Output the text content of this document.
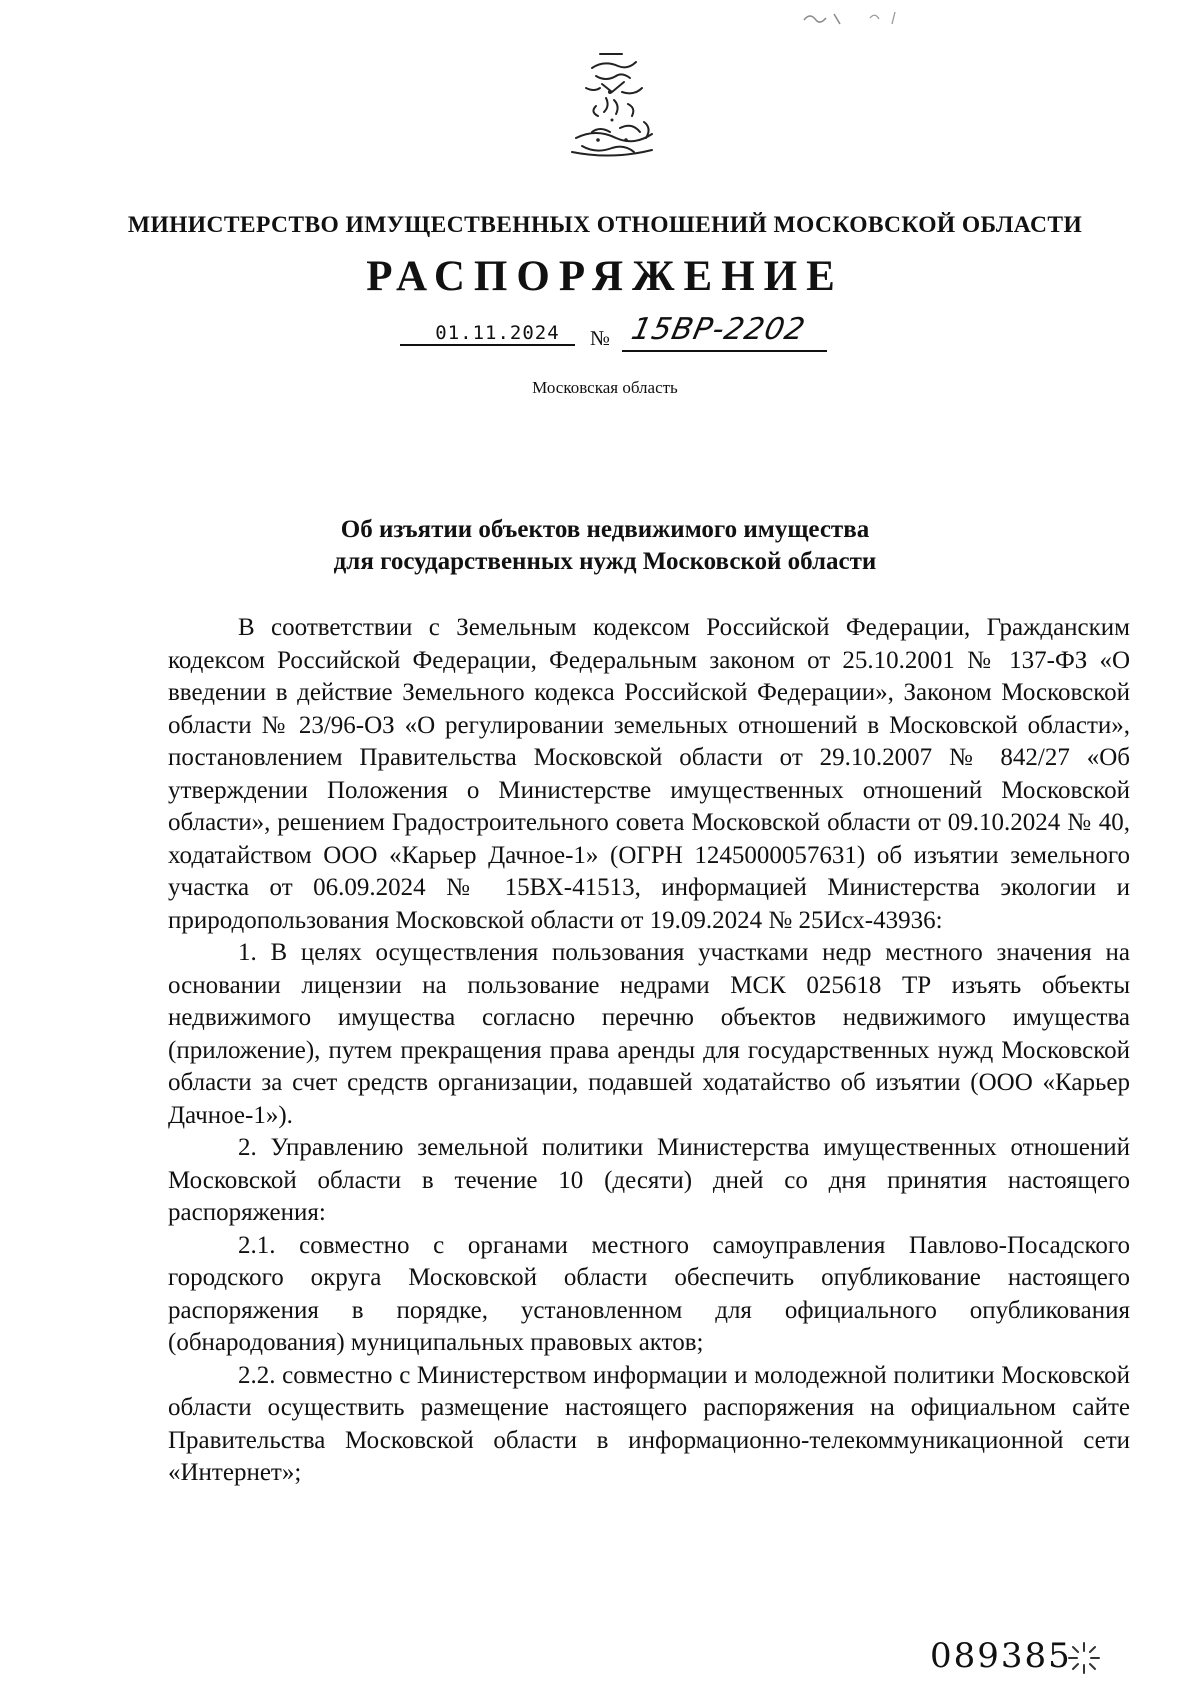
МИНИСТЕРСТВО ИМУЩЕСТВЕННЫХ ОТНОШЕНИЙ МОСКОВСКОЙ ОБЛАСТИ
РАСПОРЯЖЕНИЕ
01.11.2024	№ 15ВР-2202
Московская область
Об изъятии объектов недвижимого имущества
для государственных нужд Московской области

В соответствии с Земельным кодексом Российской Федерации, Гражданским кодексом Российской Федерации, Федеральным законом от 25.10.2001 № 137-ФЗ «О введении в действие Земельного кодекса Российской Федерации», Законом Московской области № 23/96-ОЗ «О регулировании земельных отношений в Московской области», постановлением Правительства Московской области от 29.10.2007 № 842/27 «Об утверждении Положения о Министерстве имущественных отношений Московской области», решением Градостроительного совета Московской области от 09.10.2024 № 40, ходатайством ООО «Карьер Дачное-1» (ОГРН 1245000057631) об изъятии земельного участка от 06.09.2024 № 15ВХ-41513, информацией Министерства экологии и природопользования Московской области от 19.09.2024 № 25Исх-43936:

1. В целях осуществления пользования участками недр местного значения на основании лицензии на пользование недрами МСК 025618 ТР изъять объекты недвижимого имущества согласно перечню объектов недвижимого имущества (приложение), путем прекращения права аренды для государственных нужд Московской области за счет средств организации, подавшей ходатайство об изъятии (ООО «Карьер Дачное-1»).

2. Управлению земельной политики Министерства имущественных отношений Московской области в течение 10 (десяти) дней со дня принятия настоящего распоряжения:

2.1. совместно с органами местного самоуправления Павлово-Посадского городского округа Московской области обеспечить опубликование настоящего распоряжения в порядке, установленном для официального опубликования (обнародования) муниципальных правовых актов;

2.2. совместно с Министерством информации и молодежной политики Московской области осуществить размещение настоящего распоряжения на официальном сайте Правительства Московской области в информационно-телекоммуникационной сети «Интернет»;

089385
